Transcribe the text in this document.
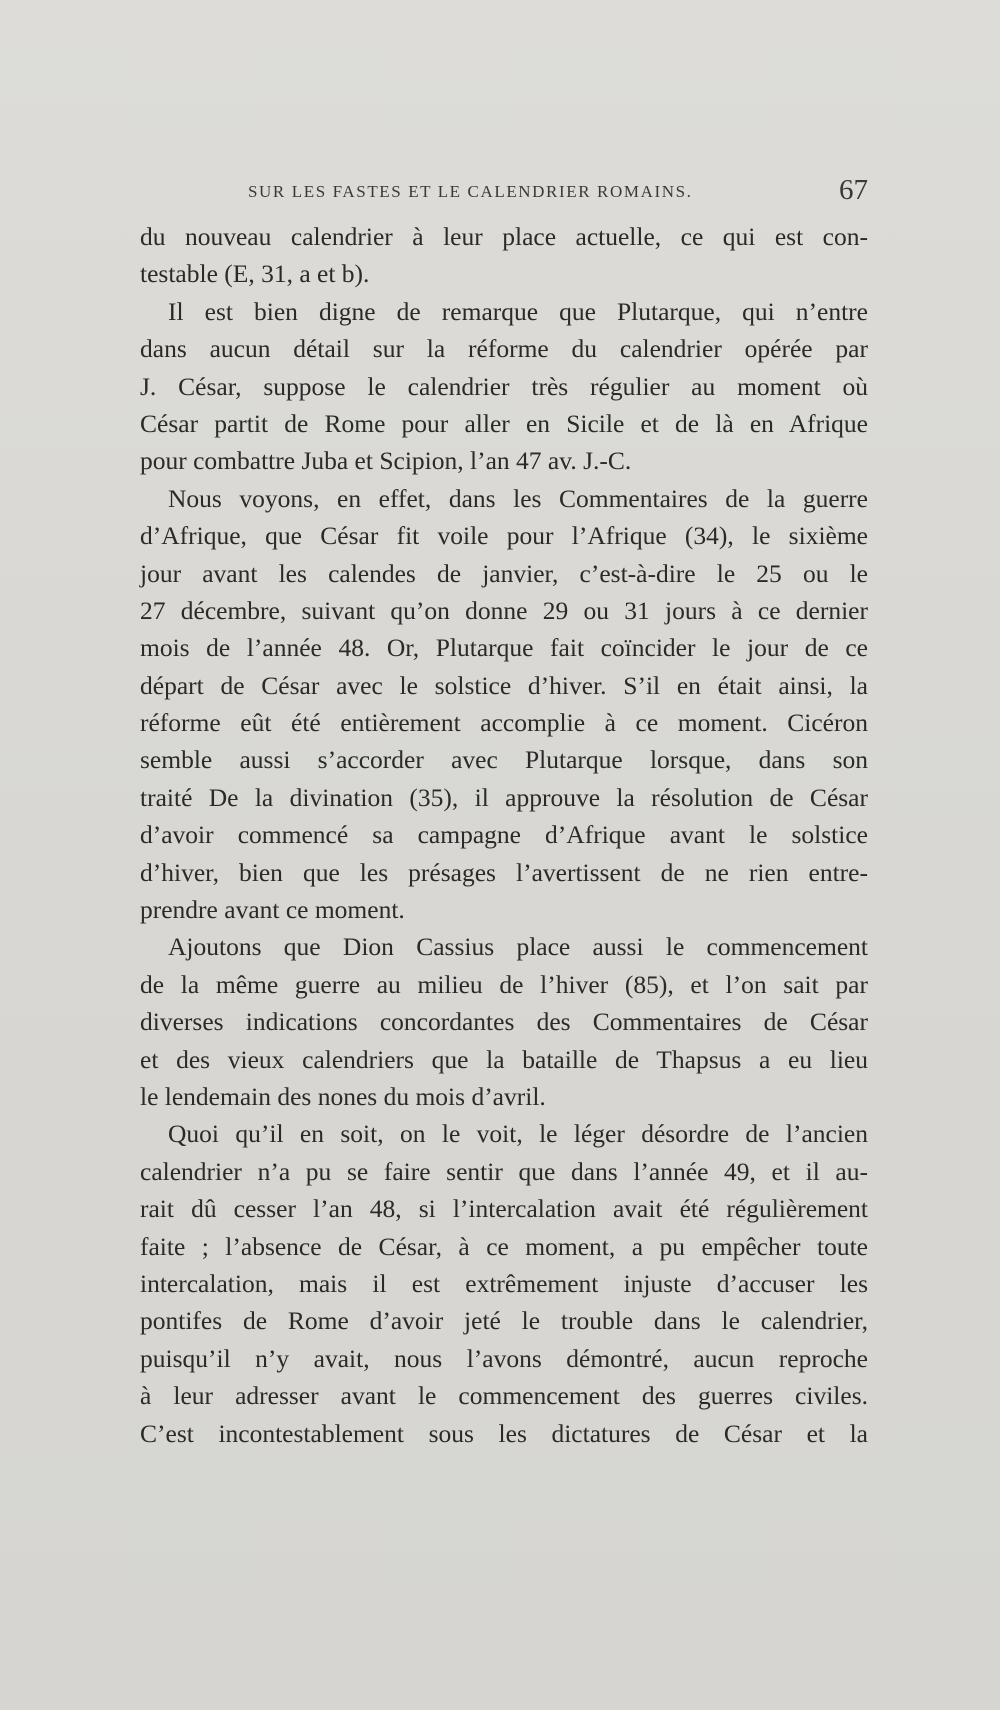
SUR LES FASTES ET LE CALENDRIER ROMAINS.	67
du nouveau calendrier à leur place actuelle, ce qui est con-
testable (E, 31, a et b).
Il est bien digne de remarque que Plutarque, qui n’entre
dans aucun détail sur la réforme du calendrier opérée par
J. César, suppose le calendrier très régulier au moment où
César partit de Rome pour aller en Sicile et de là en Afrique
pour combattre Juba et Scipion, l’an 47 av. J.-C.
Nous voyons, en effet, dans les Commentaires de la guerre
d’Afrique, que César fit voile pour l’Afrique (34), le sixième
jour avant les calendes de janvier, c’est-à-dire le 25 ou le
27 décembre, suivant qu’on donne 29 ou 31 jours à ce dernier
mois de l’année 48. Or, Plutarque fait coïncider le jour de ce
départ de César avec le solstice d’hiver. S’il en était ainsi, la
réforme eût été entièrement accomplie à ce moment. Cicéron
semble aussi s’accorder avec Plutarque lorsque, dans son
traité De la divination (35), il approuve la résolution de César
d’avoir commencé sa campagne d’Afrique avant le solstice
d’hiver, bien que les présages l’avertissent de ne rien entre-
prendre avant ce moment.
Ajoutons que Dion Cassius place aussi le commencement
de la même guerre au milieu de l’hiver (85), et l’on sait par
diverses indications concordantes des Commentaires de César
et des vieux calendriers que la bataille de Thapsus a eu lieu
le lendemain des nones du mois d’avril.
Quoi qu’il en soit, on le voit, le léger désordre de l’ancien
calendrier n’a pu se faire sentir que dans l’année 49, et il au-
rait dû cesser l’an 48, si l’intercalation avait été régulièrement
faite ; l’absence de César, à ce moment, a pu empêcher toute
intercalation, mais il est extrêmement injuste d’accuser les
pontifes de Rome d’avoir jeté le trouble dans le calendrier,
puisqu’il n’y avait, nous l’avons démontré, aucun reproche
à leur adresser avant le commencement des guerres civiles.
C’est incontestablement sous les dictatures de César et la
